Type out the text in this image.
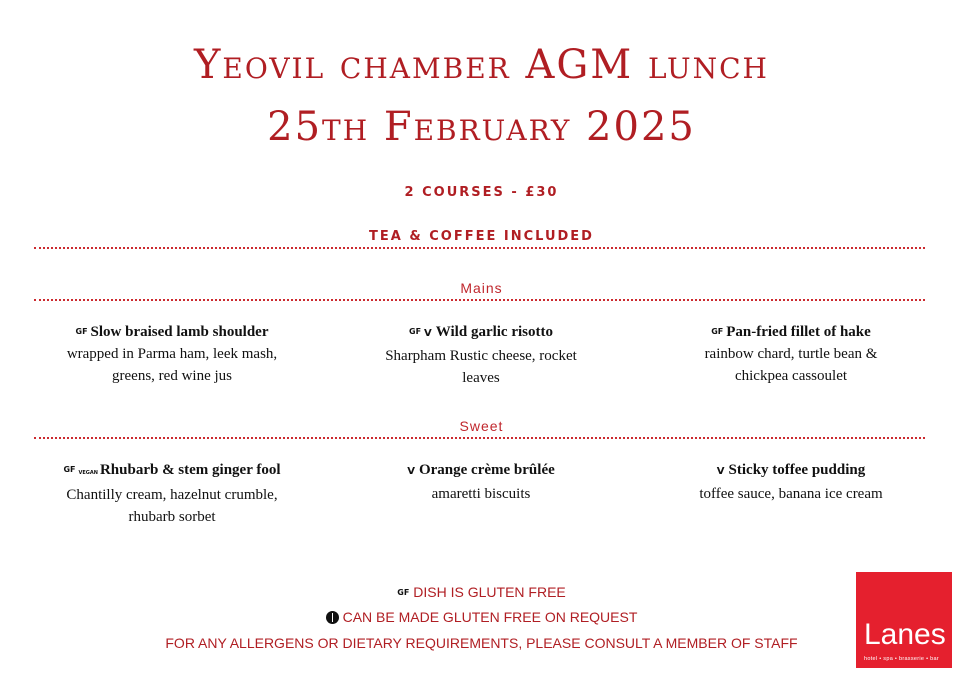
Yeovil chamber AGM lunch
25th February 2025
2 COURSES - £30
TEA & COFFEE INCLUDED
Mains
GF Slow braised lamb shoulder
wrapped in Parma ham, leek mash,
greens, red wine jus
GF V Wild garlic risotto
Sharpham Rustic cheese, rocket
leaves
GF Pan-fried fillet of hake
rainbow chard, turtle bean &
chickpea cassoulet
Sweet
GF VEGAN Rhubarb & stem ginger fool
Chantilly cream, hazelnut crumble,
rhubarb sorbet
V Orange crème brûlée
amaretti biscuits
V Sticky toffee pudding
toffee sauce, banana ice cream
GF DISH IS GLUTEN FREE
CAN BE MADE GLUTEN FREE ON REQUEST
FOR ANY ALLERGENS OR DIETARY REQUIREMENTS, PLEASE CONSULT A MEMBER OF STAFF	Lanes
hotel • spa • brasserie • bar
